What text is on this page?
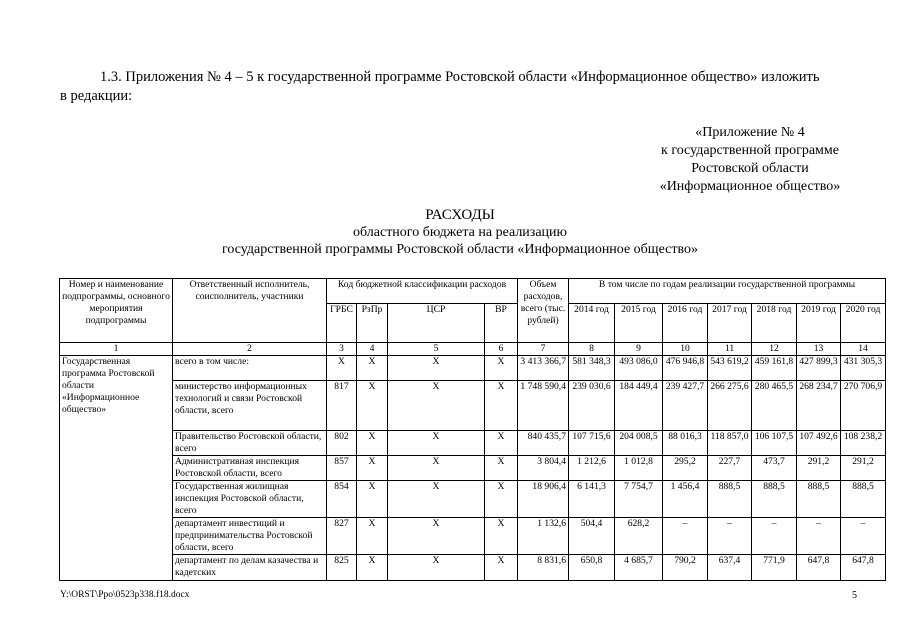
1.3. Приложения № 4 – 5 к государственной программе Ростовской области «Информационное общество» изложить

в редакции:
«Приложение № 4
к государственной программе
Ростовской области
«Информационное общество»
РАСХОДЫ
областного бюджета на реализацию
государственной программы Ростовской области «Информационное общество»
Номер и наименование подпрограммы, основного мероприятия подпрограммы	Ответственный исполнитель, соисполнитель, участники	Код бюджетной классификации расходов				Объем расходов, всего (тыс. рублей)	В том числе по годам реализации государственной программы						
		ГРБС	РзПр	ЦСР	ВР		2014 год	2015 год	2016 год	2017 год	2018 год	2019 год	2020 год
1	2	3	4	5	6	7	8	9	10	11	12	13	14
Государственная программа Ростовской области «Информационное общество»	всего в том числе:	Х	Х	Х	Х	3 413 366,7	581 348,3	493 086,0	476 946,8	543 619,2	459 161,8	427 899,3	431 305,3
	министерство информационных технологий и связи Ростовской области, всего	817	Х	Х	Х	1 748 590,4	239 030,6	184 449,4	239 427,7	266 275,6	280 465,5	268 234,7	270 706,9
	Правительство Ростовской области, всего	802	Х	Х	Х	840 435,7	107 715,6	204 008,5	88 016,3	118 857,0	106 107,5	107 492,6	108 238,2
	Административная инспекция Ростовской области, всего	857	Х	Х	Х	3 804,4	1 212,6	1 012,8	295,2	227,7	473,7	291,2	291,2
	Государственная жилищная инспекция Ростовской области, всего	854	Х	Х	Х	18 906,4	6 141,3	7 754,7	1 456,4	888,5	888,5	888,5	888,5
	департамент инвестиций и предпринимательства Ростовской области, всего	827	Х	Х	Х	1 132,6	504,4	628,2	–	–	–	–	–
	департамент по делам казачества и кадетских	825	Х	Х	Х	8 831,6	650,8	4 685,7	790,2	637,4	771,9	647,8	647,8
Y:\ORST\Ppo\0523p338.f18.docx	5
